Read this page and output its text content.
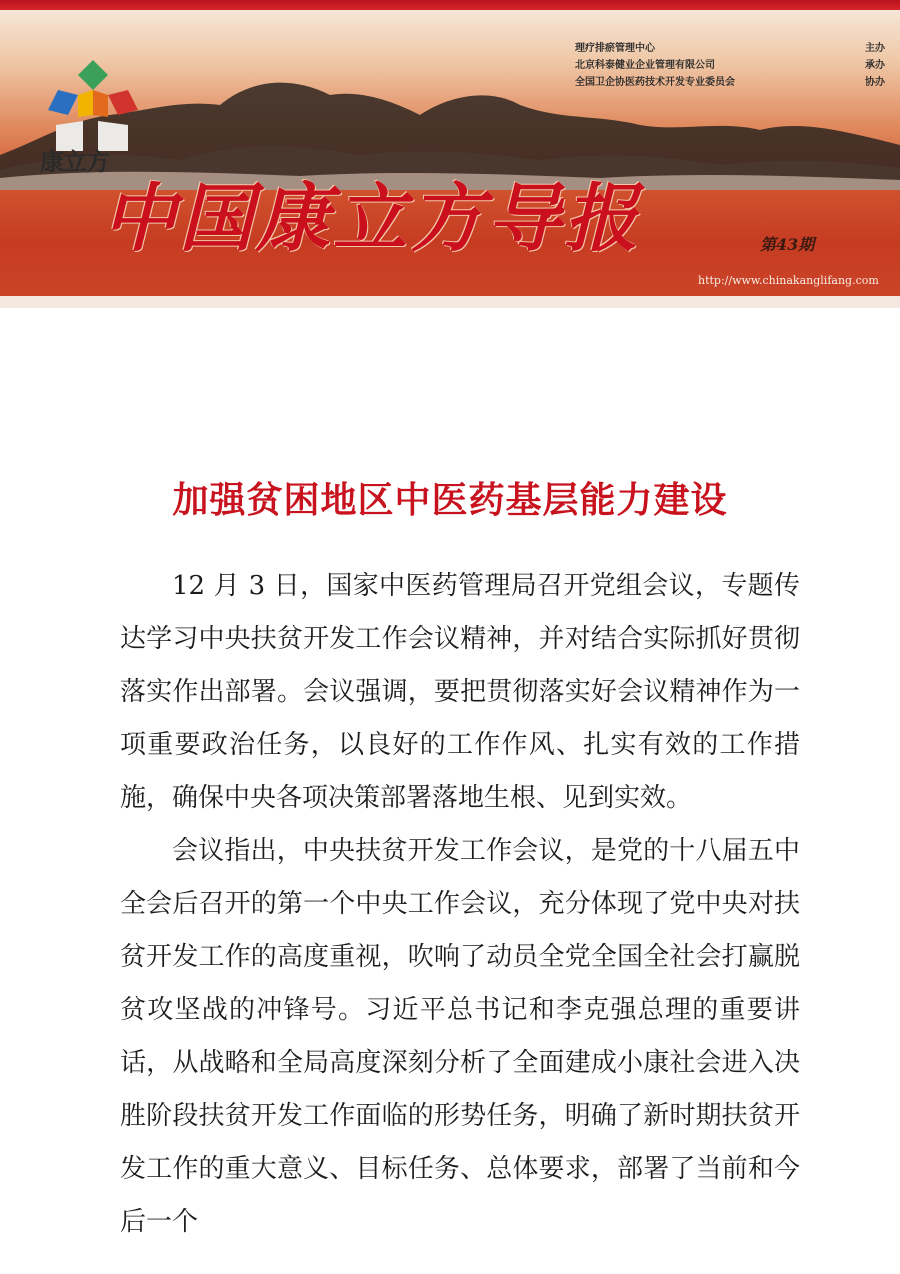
康立方
理疗排瘀管理中心	主办
北京科泰健业企业管理有限公司	承办
全国卫企协医药技术开发专业委员会	协办
中国康立方导报	第43期
http://www.chinakanglifang.com
加强贫困地区中医药基层能力建设

12 月 3 日，国家中医药管理局召开党组会议，专题传达学习中央扶贫开发工作会议精神，并对结合实际抓好贯彻落实作出部署。会议强调，要把贯彻落实好会议精神作为一项重要政治任务，以良好的工作作风、扎实有效的工作措施，确保中央各项决策部署落地生根、见到实效。

会议指出，中央扶贫开发工作会议，是党的十八届五中全会后召开的第一个中央工作会议，充分体现了党中央对扶贫开发工作的高度重视，吹响了动员全党全国全社会打赢脱贫攻坚战的冲锋号。习近平总书记和李克强总理的重要讲话，从战略和全局高度深刻分析了全面建成小康社会进入决胜阶段扶贫开发工作面临的形势任务，明确了新时期扶贫开发工作的重大意义、目标任务、总体要求，部署了当前和今后一个
